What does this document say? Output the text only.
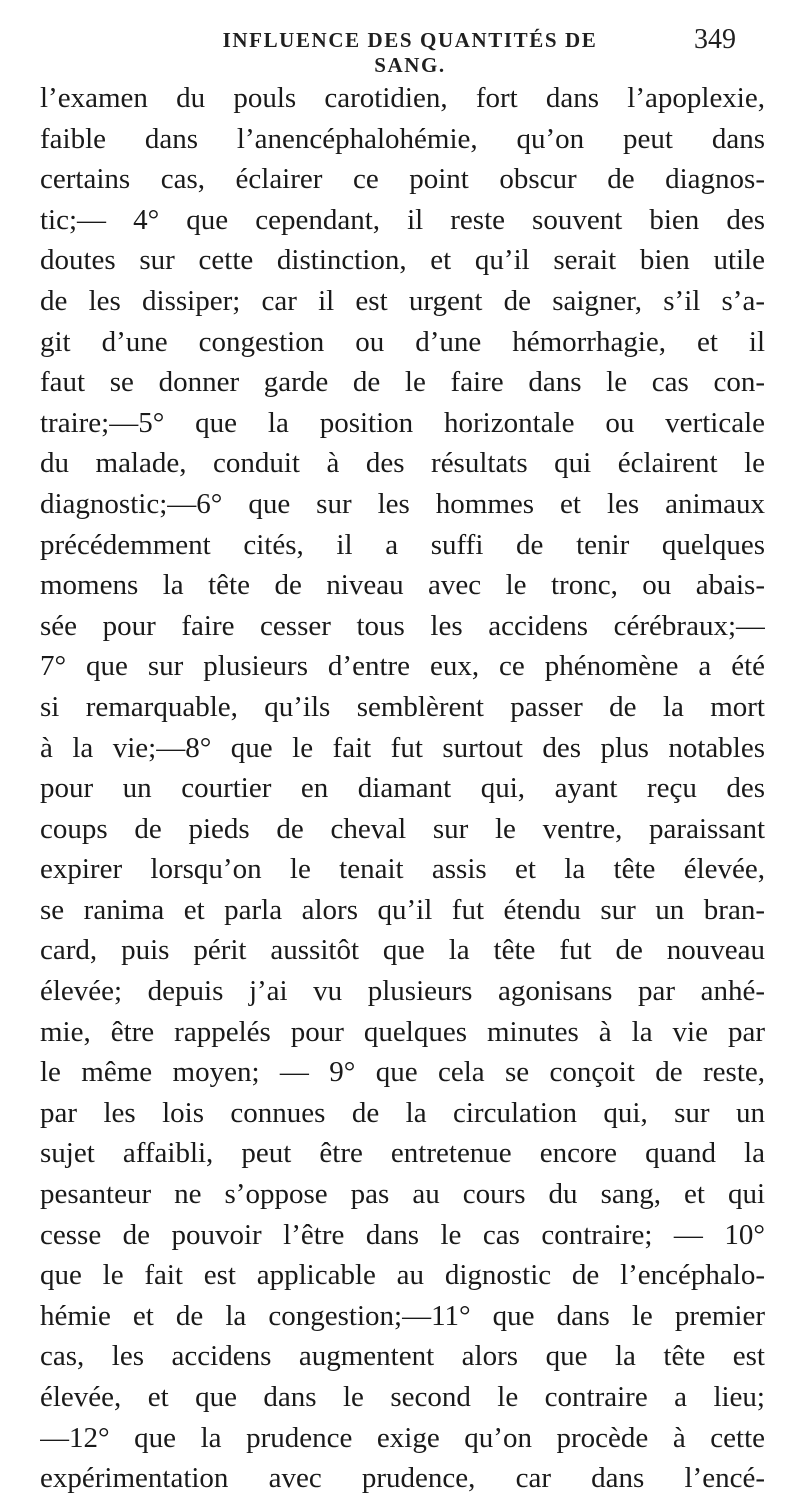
INFLUENCE DES QUANTITÉS DE SANG.
349
l’examen du pouls carotidien, fort dans l’apoplexie,
faible dans l’anencéphalohémie, qu’on peut dans
certains cas, éclairer ce point obscur de diagnos-
tic;— 4° que cependant, il reste souvent bien des
doutes sur cette distinction, et qu’il serait bien utile
de les dissiper; car il est urgent de saigner, s’il s’a-
git d’une congestion ou d’une hémorrhagie, et il
faut se donner garde de le faire dans le cas con-
traire;—5° que la position horizontale ou verticale
du malade, conduit à des résultats qui éclairent le
diagnostic;—6° que sur les hommes et les animaux
précédemment cités, il a suffi de tenir quelques
momens la tête de niveau avec le tronc, ou abais-
sée pour faire cesser tous les accidens cérébraux;—
7° que sur plusieurs d’entre eux, ce phénomène a été
si remarquable, qu’ils semblèrent passer de la mort
à la vie;—8° que le fait fut surtout des plus notables
pour un courtier en diamant qui, ayant reçu des
coups de pieds de cheval sur le ventre, paraissant
expirer lorsqu’on le tenait assis et la tête élevée,
se ranima et parla alors qu’il fut étendu sur un bran-
card, puis périt aussitôt que la tête fut de nouveau
élevée; depuis j’ai vu plusieurs agonisans par anhé-
mie, être rappelés pour quelques minutes à la vie par
le même moyen; — 9° que cela se conçoit de reste,
par les lois connues de la circulation qui, sur un
sujet affaibli, peut être entretenue encore quand la
pesanteur ne s’oppose pas au cours du sang, et qui
cesse de pouvoir l’être dans le cas contraire; — 10°
que le fait est applicable au dignostic de l’encéphalo-
hémie et de la congestion;—11° que dans le premier
cas, les accidens augmentent alors que la tête est
élevée, et que dans le second le contraire a lieu;
—12° que la prudence exige qu’on procède à cette
expérimentation avec prudence, car dans l’encé-
